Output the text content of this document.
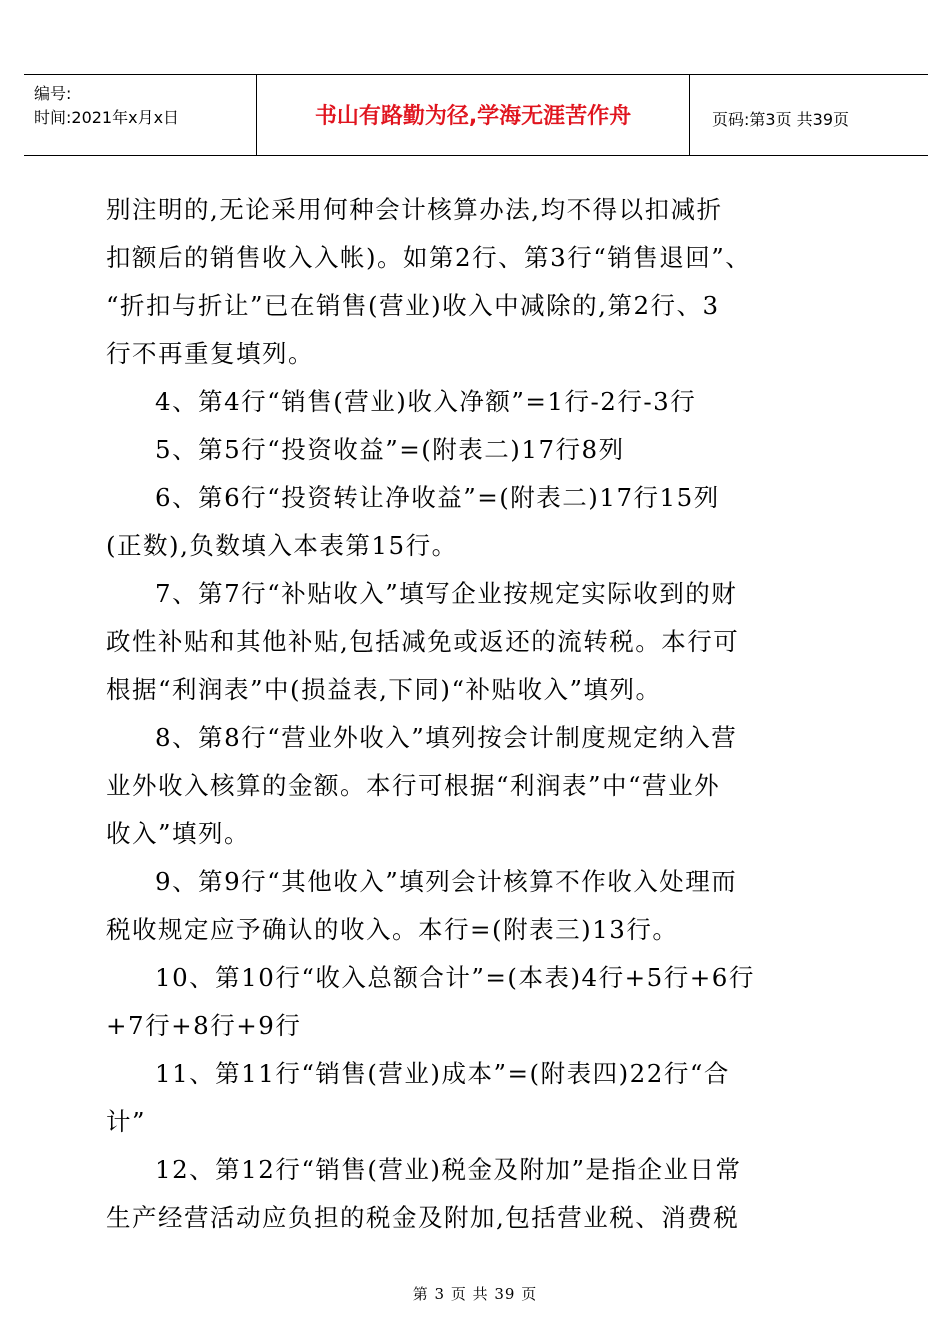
编号:
时间:2021年x月x日	书山有路勤为径,学海无涯苦作舟	页码:第3页 共39页
别注明的,无论采用何种会计核算办法,均不得以扣减折
扣额后的销售收入入帐)。如第2行、第3行“销售退回”、
“折扣与折让”已在销售(营业)收入中减除的,第2行、3
行不再重复填列。
4、第4行“销售(营业)收入净额”=1行-2行-3行
5、第5行“投资收益”=(附表二)17行8列
6、第6行“投资转让净收益”=(附表二)17行15列
(正数),负数填入本表第15行。
7、第7行“补贴收入”填写企业按规定实际收到的财
政性补贴和其他补贴,包括减免或返还的流转税。本行可
根据“利润表”中(损益表,下同)“补贴收入”填列。
8、第8行“营业外收入”填列按会计制度规定纳入营
业外收入核算的金额。本行可根据“利润表”中“营业外
收入”填列。
9、第9行“其他收入”填列会计核算不作收入处理而
税收规定应予确认的收入。本行=(附表三)13行。
10、第10行“收入总额合计”=(本表)4行+5行+6行
+7行+8行+9行
11、第11行“销售(营业)成本”=(附表四)22行“合
计”
12、第12行“销售(营业)税金及附加”是指企业日常
生产经营活动应负担的税金及附加,包括营业税、消费税
第 3 页 共 39 页
